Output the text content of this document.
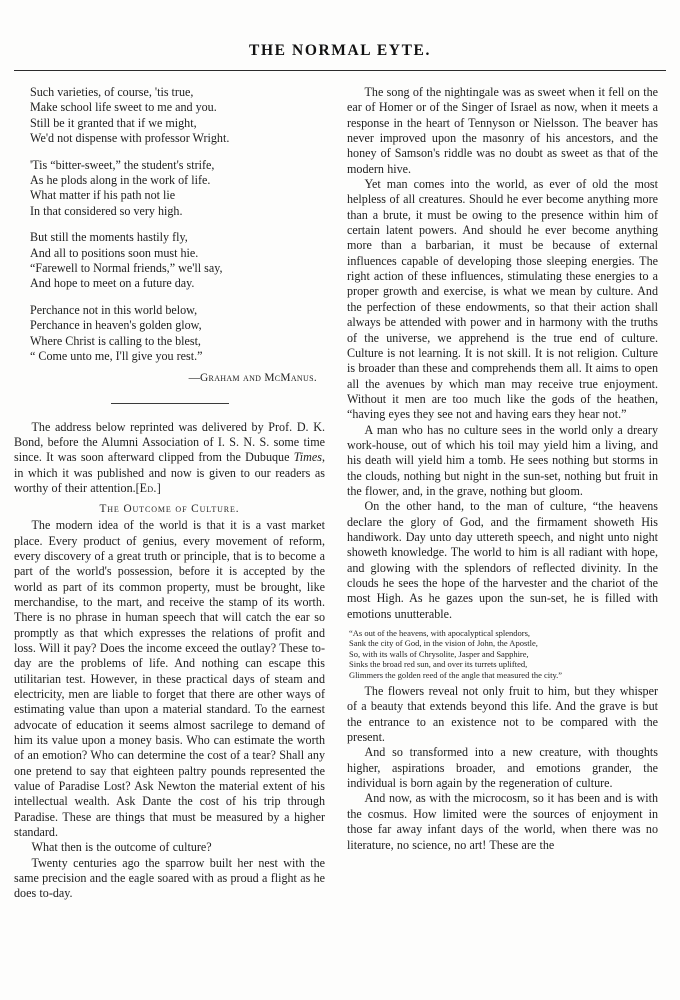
THE NORMAL EYTE.
Such varieties, of course, 'tis true,
Make school life sweet to me and you.
Still be it granted that if we might,
We'd not dispense with professor Wright.
'Tis “bitter-sweet,” the student's strife,
As he plods along in the work of life.
What matter if his path not lie
In that considered so very high.
But still the moments hastily fly,
And all to positions soon must hie.
“Farewell to Normal friends,” we'll say,
And hope to meet on a future day.
Perchance not in this world below,
Perchance in heaven's golden glow,
Where Christ is calling to the blest,
“ Come unto me, I'll give you rest.”
—Graham and McManus.

The address below reprinted was delivered by Prof. D. K. Bond, before the Alumni Association of I. S. N. S. some time since. It was soon afterward clipped from the Dubuque Times, in which it was published and now is given to our readers as worthy of their attention.[Ed.]

The Outcome of Culture.

The modern idea of the world is that it is a vast market place. Every product of genius, every movement of reform, every discovery of a great truth or principle, that is to become a part of the world's possession, before it is accepted by the world as part of its common property, must be brought, like merchandise, to the mart, and receive the stamp of its worth. There is no phrase in human speech that will catch the ear so promptly as that which expresses the relations of profit and loss. Will it pay? Does the income exceed the outlay? These to-day are the problems of life. And nothing can escape this utilitarian test. However, in these practical days of steam and electricity, men are liable to forget that there are other ways of estimating value than upon a material standard. To the earnest advocate of education it seems almost sacrilege to demand of him its value upon a money basis. Who can estimate the worth of an emotion? Who can determine the cost of a tear? Shall any one pretend to say that eighteen paltry pounds represented the value of Paradise Lost? Ask Newton the material extent of his intellectual wealth. Ask Dante the cost of his trip through Paradise. These are things that must be measured by a higher standard.

What then is the outcome of culture?

Twenty centuries ago the sparrow built her nest with the same precision and the eagle soared with as proud a flight as he does to-day.

The song of the nightingale was as sweet when it fell on the ear of Homer or of the Singer of Israel as now, when it meets a response in the heart of Tennyson or Nielsson. The beaver has never improved upon the masonry of his ancestors, and the honey of Samson's riddle was no doubt as sweet as that of the modern hive.

Yet man comes into the world, as ever of old the most helpless of all creatures. Should he ever become anything more than a brute, it must be owing to the presence within him of certain latent powers. And should he ever become anything more than a barbarian, it must be because of external influences capable of developing those sleeping energies. The right action of these influences, stimulating these energies to a proper growth and exercise, is what we mean by culture. And the perfection of these endowments, so that their action shall always be attended with power and in harmony with the truths of the universe, we apprehend is the true end of culture. Culture is not learning. It is not skill. It is not religion. Culture is broader than these and comprehends them all. It aims to open all the avenues by which man may receive true enjoyment. Without it men are too much like the gods of the heathen, “having eyes they see not and having ears they hear not.”

A man who has no culture sees in the world only a dreary work-house, out of which his toil may yield him a living, and his death will yield him a tomb. He sees nothing but storms in the clouds, nothing but night in the sun-set, nothing but fruit in the flower, and, in the grave, nothing but gloom.

On the other hand, to the man of culture, “the heavens declare the glory of God, and the firmament showeth His handiwork. Day unto day uttereth speech, and night unto night showeth knowledge. The world to him is all radiant with hope, and glowing with the splendors of reflected divinity. In the clouds he sees the hope of the harvester and the chariot of the most High. As he gazes upon the sun-set, he is filled with emotions unutterable.

“As out of the heavens, with apocalyptical splendors,
Sank the city of God, in the vision of John, the Apostle,
So, with its walls of Chrysolite, Jasper and Sapphire,
Sinks the broad red sun, and over its turrets uplifted,
Glimmers the golden reed of the angle that measured the city.”

The flowers reveal not only fruit to him, but they whisper of a beauty that extends beyond this life. And the grave is but the entrance to an existence not to be compared with the present.

And so transformed into a new creature, with thoughts higher, aspirations broader, and emotions grander, the individual is born again by the regeneration of culture.

And now, as with the microcosm, so it has been and is with the cosmus. How limited were the sources of enjoyment in those far away infant days of the world, when there was no literature, no science, no art! These are the
